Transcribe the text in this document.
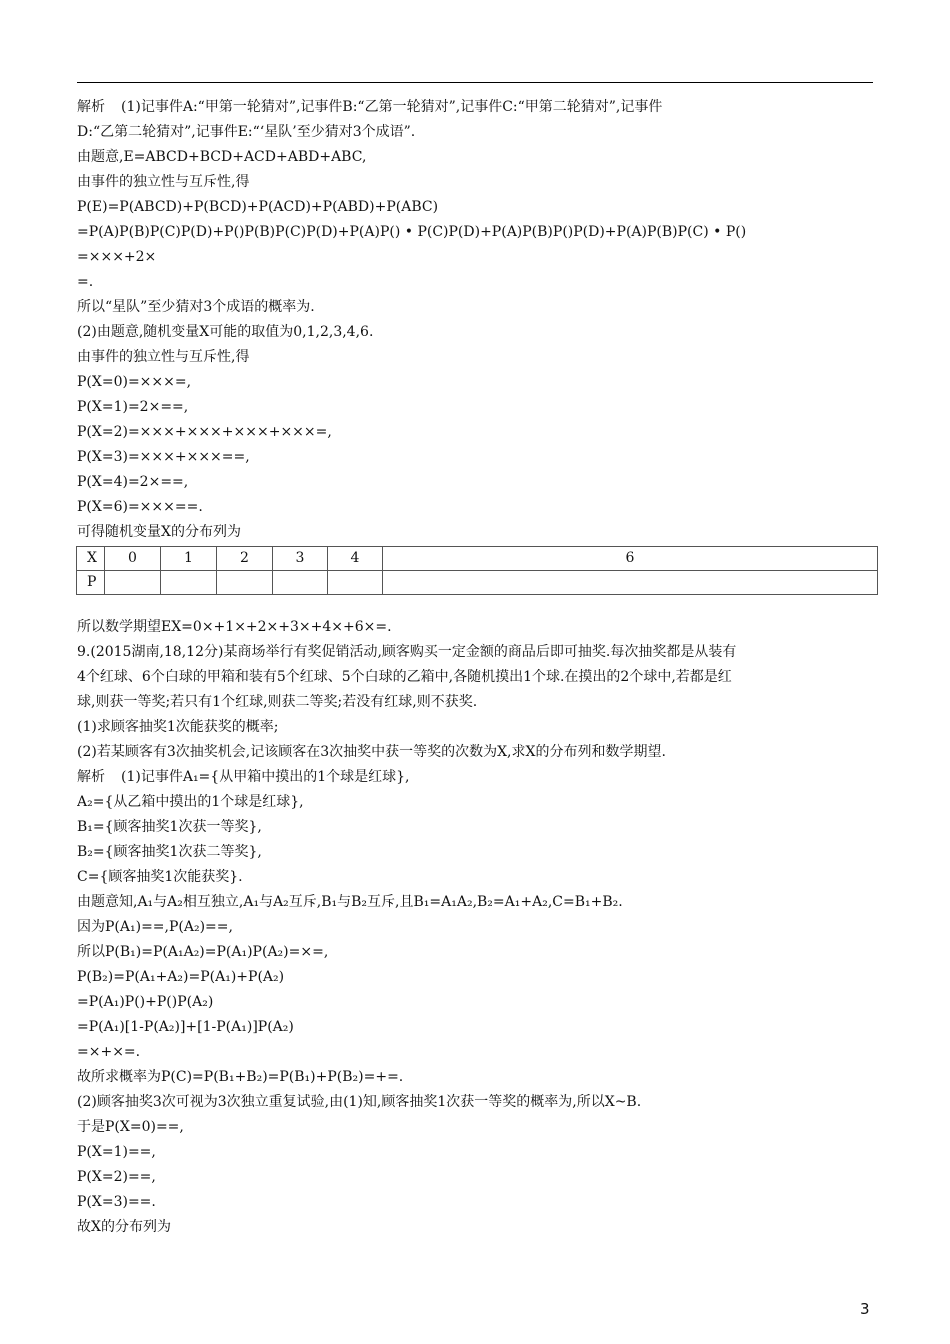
解析 (1)记事件A:“甲第一轮猜对”,记事件B:“乙第一轮猜对”,记事件C:“甲第二轮猜对”,记事件
D:“乙第二轮猜对”,记事件E:“‘星队’至少猜对3个成语”.
由题意,E=ABCD+BCD+ACD+ABD+ABC,
由事件的独立性与互斥性,得
P(E)=P(ABCD)+P(BCD)+P(ACD)+P(ABD)+P(ABC)
=P(A)P(B)P(C)P(D)+P()P(B)P(C)P(D)+P(A)P() • P(C)P(D)+P(A)P(B)P()P(D)+P(A)P(B)P(C) • P()
=×××+2×
=.
所以“星队”至少猜对3个成语的概率为.
(2)由题意,随机变量X可能的取值为0,1,2,3,4,6.
由事件的独立性与互斥性,得
P(X=0)=×××=,
P(X=1)=2×==,
P(X=2)=×××+×××+×××+×××=,
P(X=3)=×××+×××==,
P(X=4)=2×==,
P(X=6)=×××==.
可得随机变量X的分布列为
X	0	1	2	3	4	6
P						
所以数学期望EX=0×+1×+2×+3×+4×+6×=.
9.(2015湖南,18,12分)某商场举行有奖促销活动,顾客购买一定金额的商品后即可抽奖.每次抽奖都是从装有
4个红球、6个白球的甲箱和装有5个红球、5个白球的乙箱中,各随机摸出1个球.在摸出的2个球中,若都是红
球,则获一等奖;若只有1个红球,则获二等奖;若没有红球,则不获奖.
(1)求顾客抽奖1次能获奖的概率;
(2)若某顾客有3次抽奖机会,记该顾客在3次抽奖中获一等奖的次数为X,求X的分布列和数学期望.
解析 (1)记事件A₁={从甲箱中摸出的1个球是红球},
A₂={从乙箱中摸出的1个球是红球},
B₁={顾客抽奖1次获一等奖},
B₂={顾客抽奖1次获二等奖},
C={顾客抽奖1次能获奖}.
由题意知,A₁与A₂相互独立,A₁与A₂互斥,B₁与B₂互斥,且B₁=A₁A₂,B₂=A₁+A₂,C=B₁+B₂.
因为P(A₁)==,P(A₂)==,
所以P(B₁)=P(A₁A₂)=P(A₁)P(A₂)=×=,
P(B₂)=P(A₁+A₂)=P(A₁)+P(A₂)
=P(A₁)P()+P()P(A₂)
=P(A₁)[1-P(A₂)]+[1-P(A₁)]P(A₂)
=×+×=.
故所求概率为P(C)=P(B₁+B₂)=P(B₁)+P(B₂)=+=.
(2)顾客抽奖3次可视为3次独立重复试验,由(1)知,顾客抽奖1次获一等奖的概率为,所以X~B.
于是P(X=0)==,
P(X=1)==,
P(X=2)==,
P(X=3)==.
故X的分布列为
3
